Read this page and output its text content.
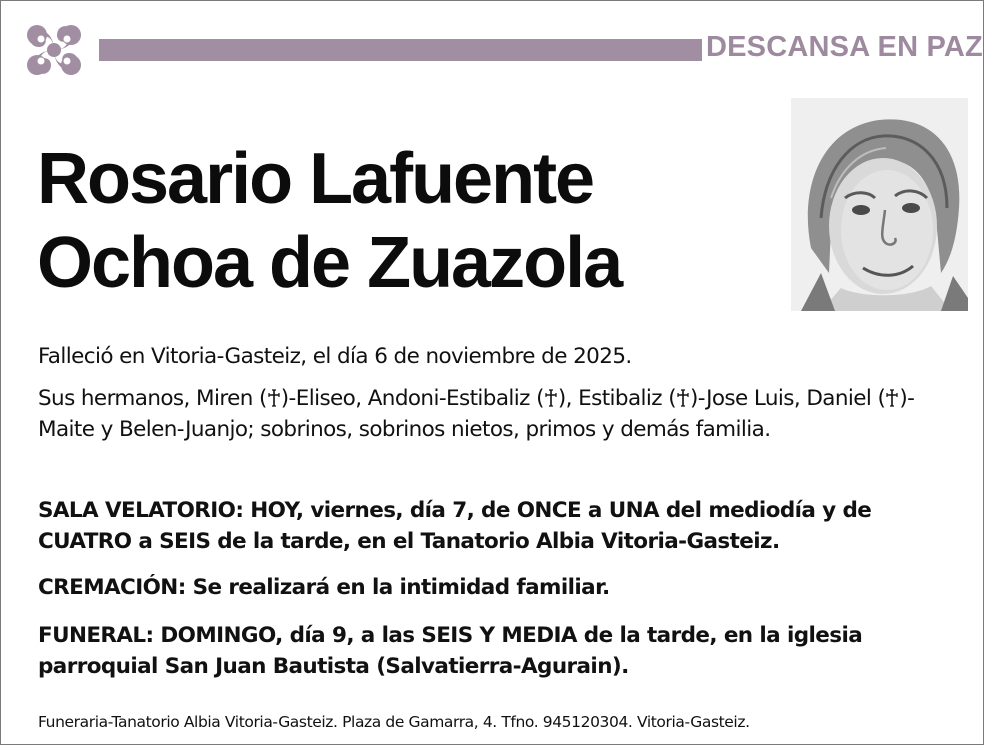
DESCANSA EN PAZ
Rosario Lafuente
Ochoa de Zuazola
Falleció en Vitoria-Gasteiz, el día 6 de noviembre de 2025.
Sus hermanos, Miren ( )-Eliseo, Andoni-Estibaliz ( ), Estibaliz ( )-Jose Luis, Daniel ( )-Maite y Belen-Juanjo; sobrinos, sobrinos nietos, primos y demás familia.
SALA VELATORIO: HOY, viernes, día 7, de ONCE a UNA del mediodía y de CUATRO a SEIS de la tarde, en el Tanatorio Albia Vitoria-Gasteiz.
CREMACIÓN: Se realizará en la intimidad familiar.
FUNERAL: DOMINGO, día 9, a las SEIS Y MEDIA de la tarde, en la iglesia parroquial San Juan Bautista (Salvatierra-Agurain).
Funeraria-Tanatorio Albia Vitoria-Gasteiz. Plaza de Gamarra, 4. Tfno. 945120304. Vitoria-Gasteiz.
